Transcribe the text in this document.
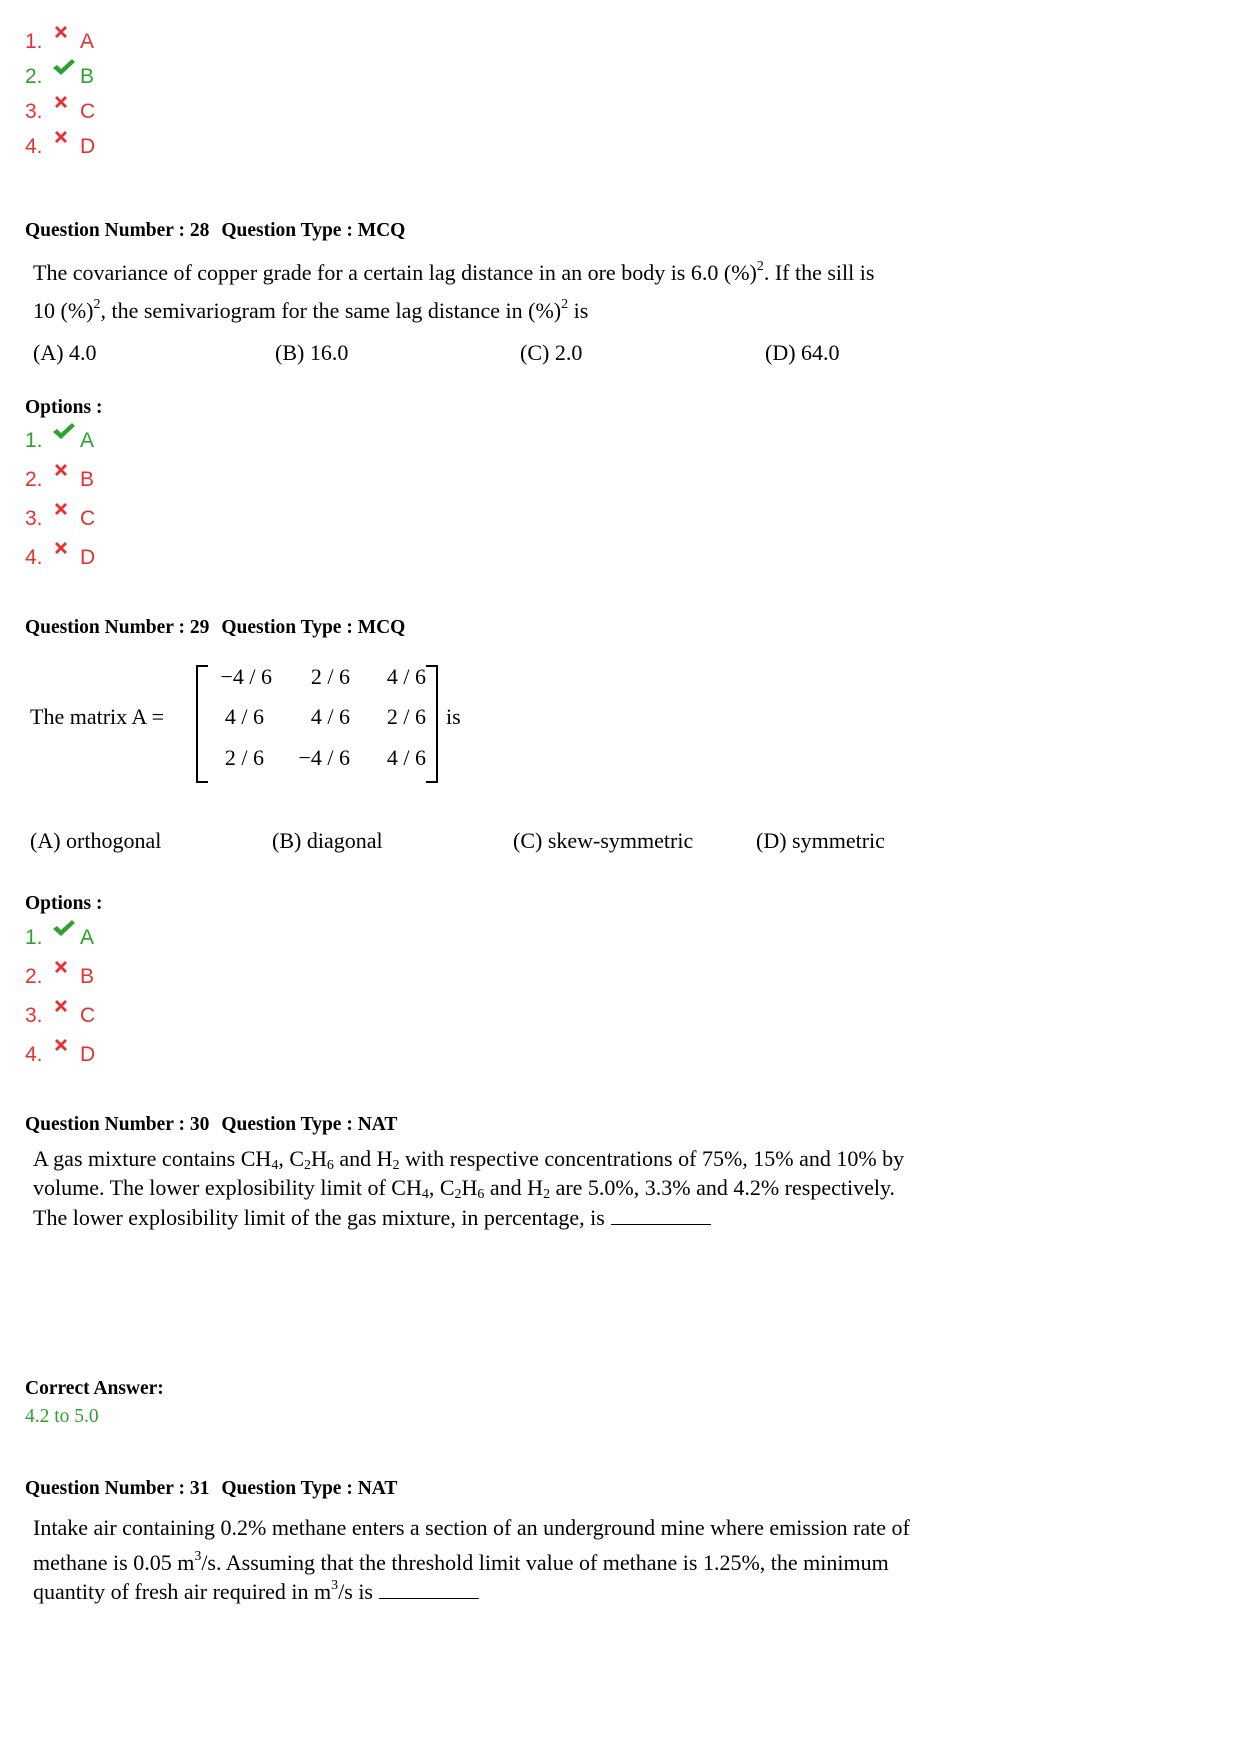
1.	A
2.	B
3.	C
4.	D
Question Number : 28 Question Type : MCQ
The covariance of copper grade for a certain lag distance in an ore body is 6.0 (%)$^2$. If the sill is
10 (%)$^2$, the semivariogram for the same lag distance in (%)$^2$ is
(A) 4.0	(B) 16.0	(C) 2.0	(D) 64.0
Options :
1.	A
2.	B
3.	C
4.	D
Question Number : 29 Question Type : MCQ
The matrix A =
−4 / 6	2 / 6	4 / 6
4 / 6	4 / 6	2 / 6
2 / 6	−4 / 6	4 / 6
is
(A) orthogonal	(B) diagonal	(C) skew-symmetric	(D) symmetric
Options :
1.	A
2.	B
3.	C
4.	D
Question Number : 30 Question Type : NAT
A gas mixture contains $CH_4$, $C_2H_6$ and $H_2$ with respective concentrations of 75%, 15% and 10% by
volume. The lower explosibility limit of $CH_4$, $C_2H_6$ and $H_2$ are 5.0%, 3.3% and 4.2% respectively.
The lower explosibility limit of the gas mixture, in percentage, is
Correct Answer:
4.2 to 5.0
Question Number : 31 Question Type : NAT
Intake air containing 0.2% methane enters a section of an underground mine where emission rate of
methane is 0.05 $m^3/s$. Assuming that the threshold limit value of methane is 1.25%, the minimum
quantity of fresh air required in $m^3/s$ is
